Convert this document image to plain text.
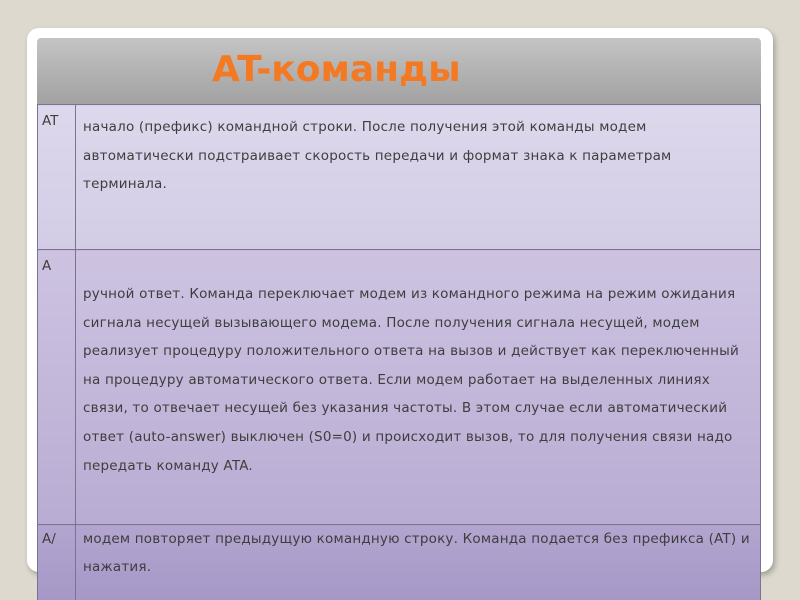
AT-команды
AT	начало (префикс) командной строки. После получения этой команды модем автоматически подстраивает скорость передачи и формат знака к параметрам терминала.

A	ручной ответ. Команда переключает модем из командного режима на режим ожидания сигнала несущей вызывающего модема. После получения сигнала несущей, модем реализует процедуру положительного ответа на вызов и действует как переключенный на процедуру автоматического ответа. Если модем работает на выделенных линиях связи, то отвечает несущей без указания частоты. В этом случае если автоматический ответ (auto-answer) выключен (S0=0) и происходит вызов, то для получения связи надо передать команду ATA.

A/	модем повторяет предыдущую командную строку. Команда подается без префикса (AT) и нажатия.
